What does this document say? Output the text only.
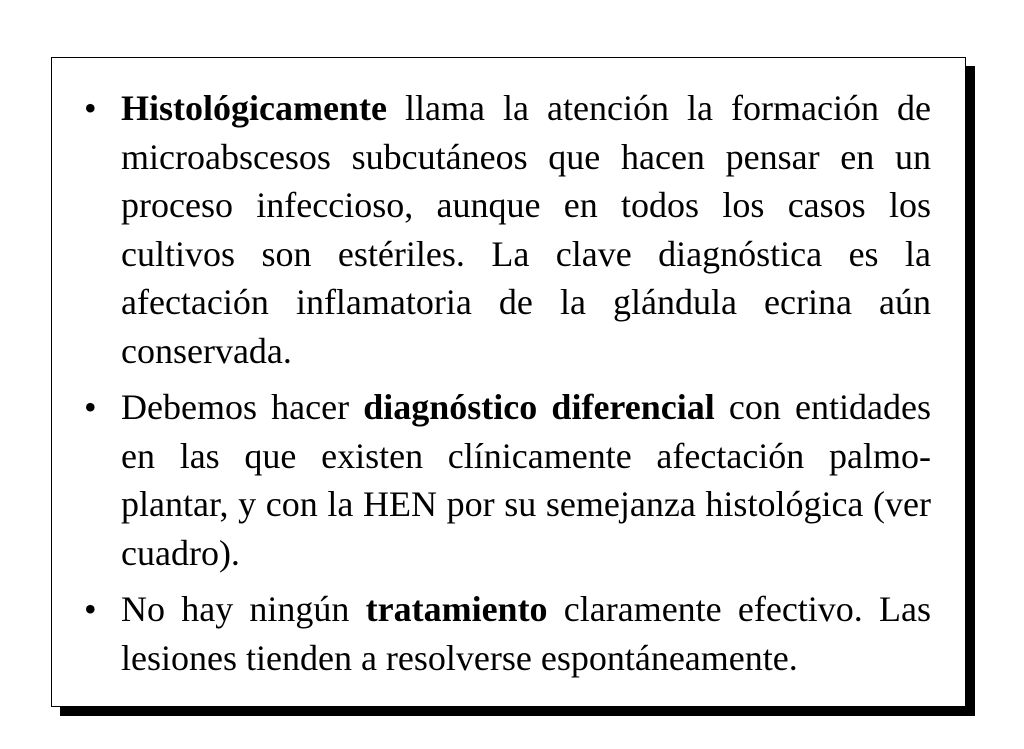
• Histológicamente llama la atención la formación de microabscesos subcutáneos que hacen pensar en un proceso infeccioso, aunque en todos los casos los cultivos son estériles. La clave diagnóstica es la afectación inflamatoria de la glándula ecrina aún conservada.
• Debemos hacer diagnóstico diferencial con entidades en las que existen clínicamente afectación palmo-plantar, y con la HEN por su semejanza histológica (ver cuadro).
• No hay ningún tratamiento claramente efectivo. Las lesiones tienden a resolverse espontáneamente.
